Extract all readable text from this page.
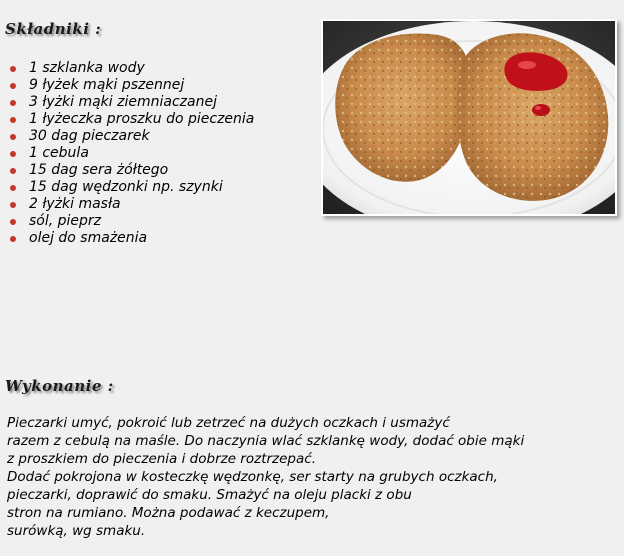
Składniki :
1 szklanka wody
9 łyżek mąki pszennej
3 łyżki mąki ziemniaczanej
1 łyżeczka proszku do pieczenia
30 dag pieczarek
1 cebula
15 dag sera żółtego
15 dag wędzonki np. szynki
2 łyżki masła
sól, pieprz
olej do smażenia
Wykonanie :

Pieczarki umyć, pokroić lub zetrzeć na dużych oczkach i usmażyć
razem z cebulą na maśle. Do naczynia wlać szklankę wody, dodać obie mąki
z proszkiem do pieczenia i dobrze roztrzepać.
Dodać pokrojona w kosteczkę wędzonkę, ser starty na grubych oczkach,
pieczarki, doprawić do smaku. Smażyć na oleju placki z obu
stron na rumiano. Można podawać z keczupem,
surówką, wg smaku.
